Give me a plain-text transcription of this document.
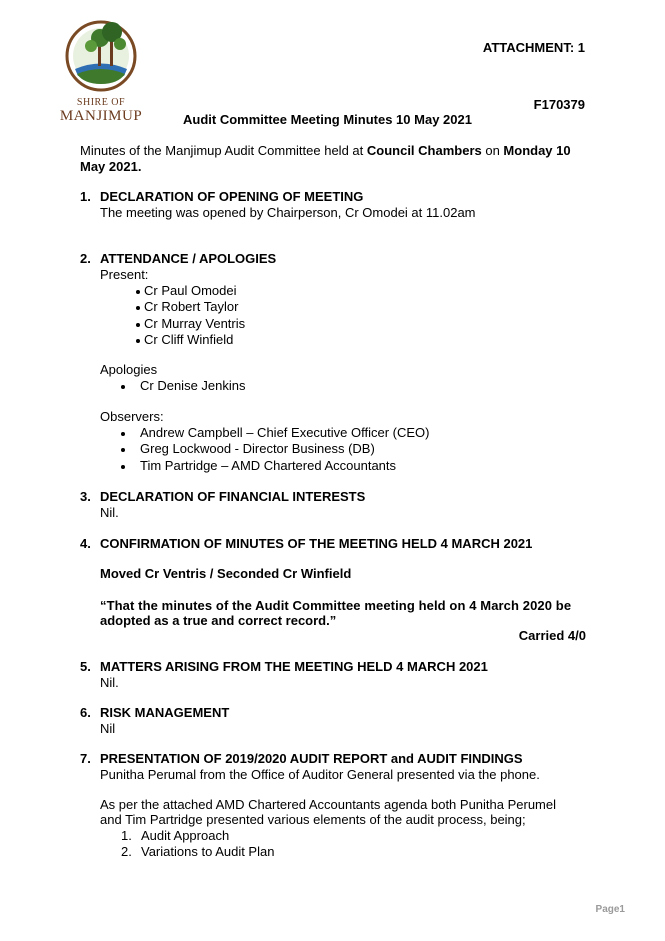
SHIRE OF
MANJIMUP
ATTACHMENT: 1
F170379
Audit Committee Meeting Minutes 10 May 2021
Minutes of the Manjimup Audit Committee held at Council Chambers on Monday 10
May 2021.
1. DECLARATION OF OPENING OF MEETING
The meeting was opened by Chairperson, Cr Omodei at 11.02am
2. ATTENDANCE / APOLOGIES
Present:
Cr Paul Omodei
Cr Robert Taylor
Cr Murray Ventris
Cr Cliff Winfield
Apologies
Cr Denise Jenkins
Observers:
Andrew Campbell – Chief Executive Officer (CEO)
Greg Lockwood - Director Business (DB)
Tim Partridge – AMD Chartered Accountants
3. DECLARATION OF FINANCIAL INTERESTS
Nil.
4. CONFIRMATION OF MINUTES OF THE MEETING HELD 4 MARCH 2021
Moved Cr Ventris / Seconded Cr Winfield
“That the minutes of the Audit Committee meeting held on 4 March 2020 be
adopted as a true and correct record.”
Carried 4/0
5. MATTERS ARISING FROM THE MEETING HELD 4 MARCH 2021
Nil.
6. RISK MANAGEMENT
Nil
7. PRESENTATION OF 2019/2020 AUDIT REPORT and AUDIT FINDINGS
Punitha Perumal from the Office of Auditor General presented via the phone.
As per the attached AMD Chartered Accountants agenda both Punitha Perumel
and Tim Partridge presented various elements of the audit process, being;
1. Audit Approach
2. Variations to Audit Plan
Page1
